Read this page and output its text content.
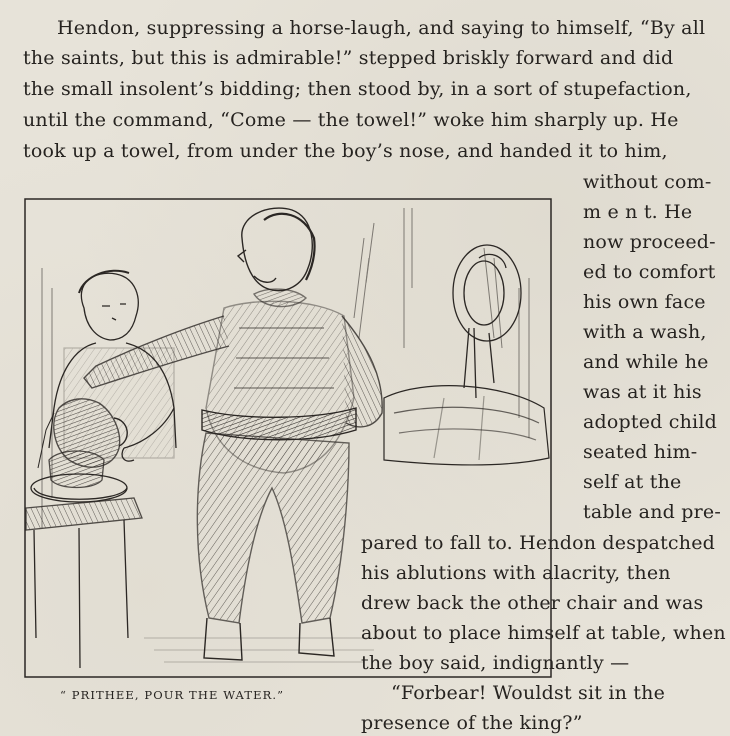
Hendon, suppressing a horse-laugh, and saying to himself, “By all
the saints, but this is admirable!” stepped briskly forward and did
the small insolent’s bidding; then stood by, in a sort of stupefaction,
until the command, “Come — the towel!” woke him sharply up. He
took up a towel, from under the boy’s nose, and handed it to him,
without com-
m e n t. He
now proceed-
ed to comfort
his own face
with a wash,
and while he
was at it his
adopted child
seated him-
self at the
table and pre-
pared to fall to. Hendon despatched
his ablutions with alacrity, then
drew back the other chair and was
about to place himself at table, when
the boy said, indignantly —
“Forbear! Wouldst sit in the
presence of the king?”
“ PRITHEE, POUR THE WATER.”
